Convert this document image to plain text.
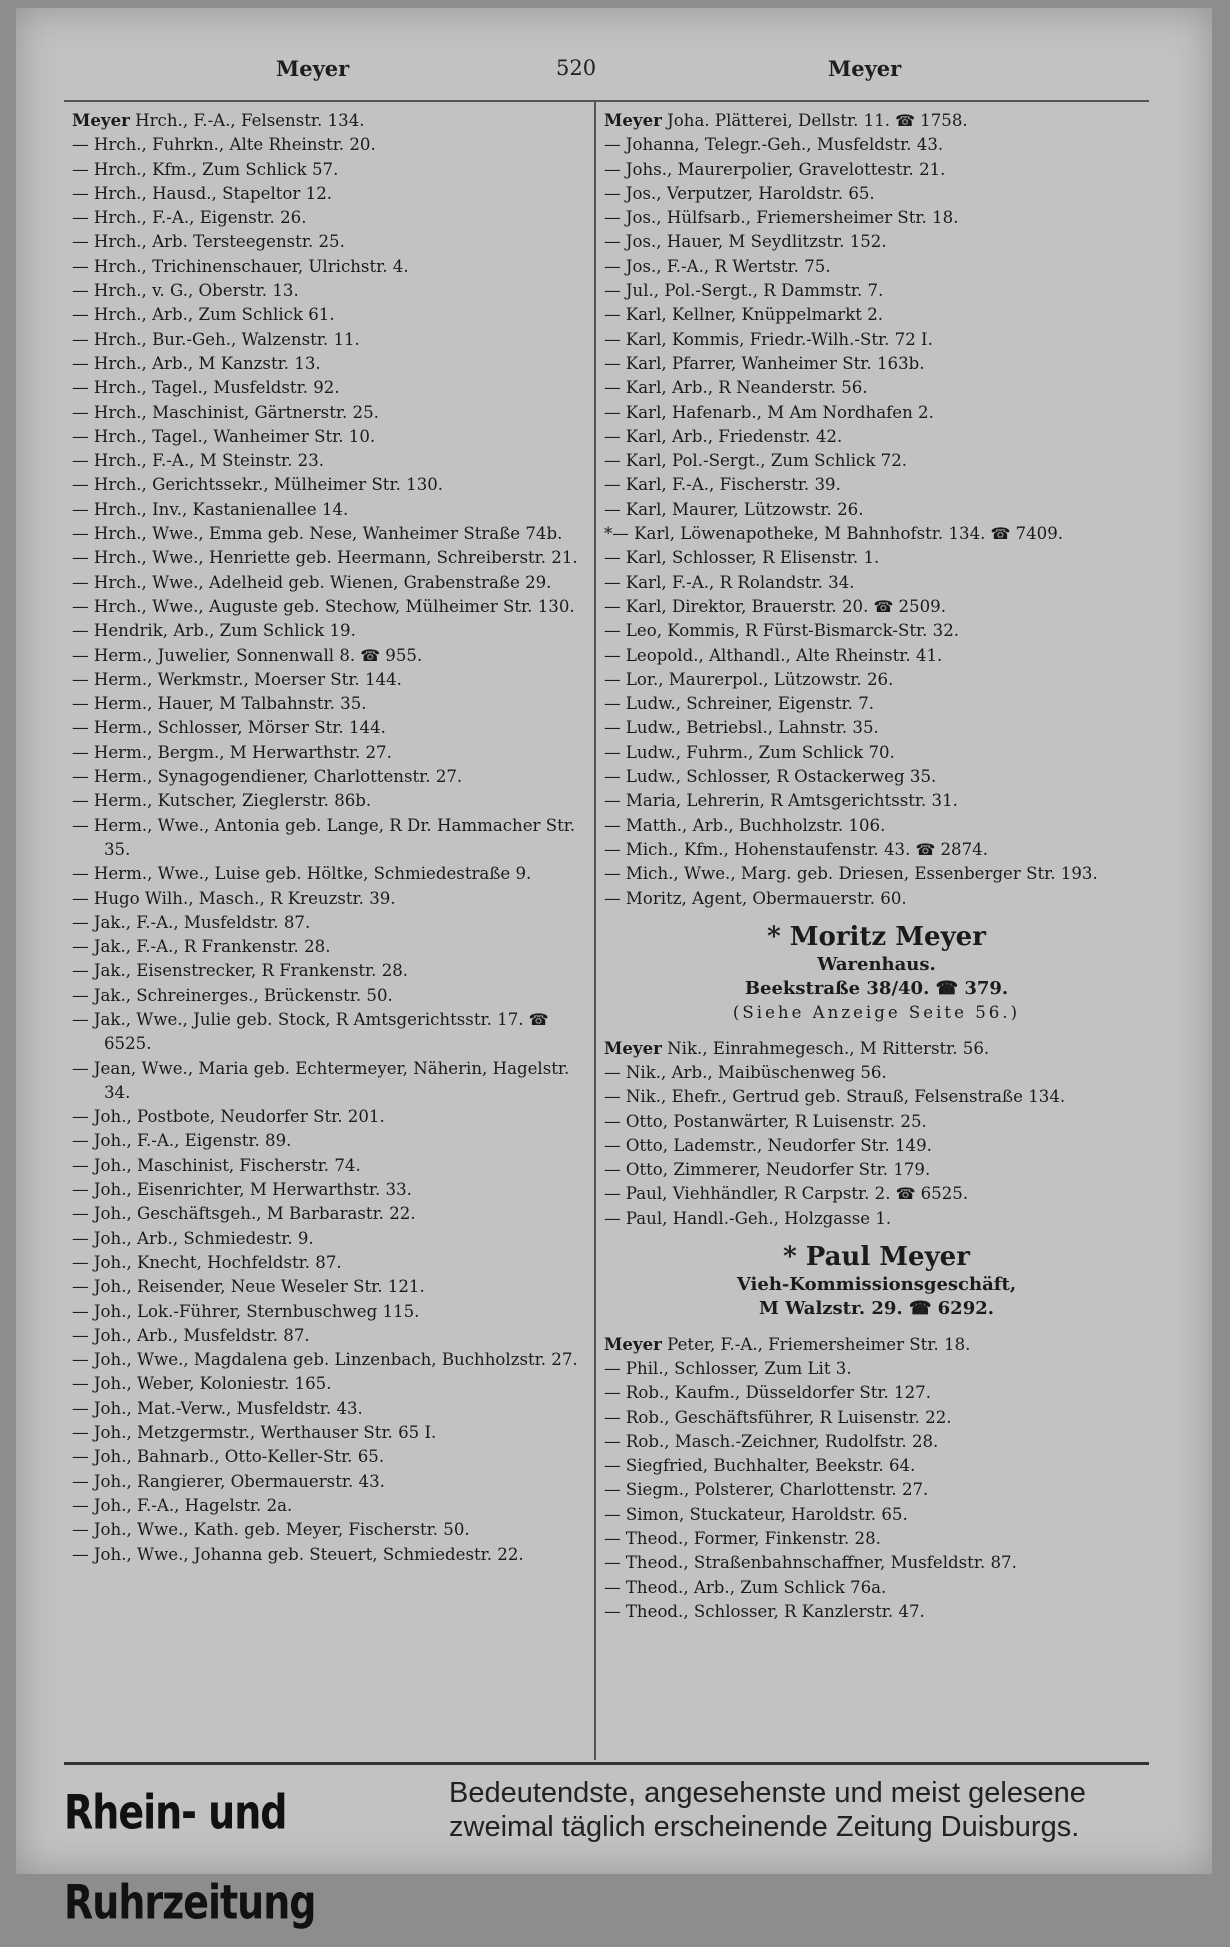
Meyer	520	Meyer
Meyer Hrch., F.-A., Felsenstr. 134.
— Hrch., Fuhrkn., Alte Rheinstr. 20.
— Hrch., Kfm., Zum Schlick 57.
— Hrch., Hausd., Stapeltor 12.
— Hrch., F.-A., Eigenstr. 26.
— Hrch., Arb. Tersteegenstr. 25.
— Hrch., Trichinenschauer, Ulrichstr. 4.
— Hrch., v. G., Oberstr. 13.
— Hrch., Arb., Zum Schlick 61.
— Hrch., Bur.-Geh., Walzenstr. 11.
— Hrch., Arb., M Kanzstr. 13.
— Hrch., Tagel., Musfeldstr. 92.
— Hrch., Maschinist, Gärtnerstr. 25.
— Hrch., Tagel., Wanheimer Str. 10.
— Hrch., F.-A., M Steinstr. 23.
— Hrch., Gerichtssekr., Mülheimer Str. 130.
— Hrch., Inv., Kastanienallee 14.
— Hrch., Wwe., Emma geb. Nese, Wanheimer Straße 74b.
— Hrch., Wwe., Henriette geb. Heermann, Schreiberstr. 21.
— Hrch., Wwe., Adelheid geb. Wienen, Grabenstraße 29.
— Hrch., Wwe., Auguste geb. Stechow, Mülheimer Str. 130.
— Hendrik, Arb., Zum Schlick 19.
— Herm., Juwelier, Sonnenwall 8. ☎ 955.
— Herm., Werkmstr., Moerser Str. 144.
— Herm., Hauer, M Talbahnstr. 35.
— Herm., Schlosser, Mörser Str. 144.
— Herm., Bergm., M Herwarthstr. 27.
— Herm., Synagogendiener, Charlottenstr. 27.
— Herm., Kutscher, Zieglerstr. 86b.
— Herm., Wwe., Antonia geb. Lange, R Dr. Hammacher Str. 35.
— Herm., Wwe., Luise geb. Höltke, Schmiedestraße 9.
— Hugo Wilh., Masch., R Kreuzstr. 39.
— Jak., F.-A., Musfeldstr. 87.
— Jak., F.-A., R Frankenstr. 28.
— Jak., Eisenstrecker, R Frankenstr. 28.
— Jak., Schreinerges., Brückenstr. 50.
— Jak., Wwe., Julie geb. Stock, R Amtsgerichtsstr. 17. ☎ 6525.
— Jean, Wwe., Maria geb. Echtermeyer, Näherin, Hagelstr. 34.
— Joh., Postbote, Neudorfer Str. 201.
— Joh., F.-A., Eigenstr. 89.
— Joh., Maschinist, Fischerstr. 74.
— Joh., Eisenrichter, M Herwarthstr. 33.
— Joh., Geschäftsgeh., M Barbarastr. 22.
— Joh., Arb., Schmiedestr. 9.
— Joh., Knecht, Hochfeldstr. 87.
— Joh., Reisender, Neue Weseler Str. 121.
— Joh., Lok.-Führer, Sternbuschweg 115.
— Joh., Arb., Musfeldstr. 87.
— Joh., Wwe., Magdalena geb. Linzenbach, Buchholzstr. 27.
— Joh., Weber, Koloniestr. 165.
— Joh., Mat.-Verw., Musfeldstr. 43.
— Joh., Metzgermstr., Werthauser Str. 65 I.
— Joh., Bahnarb., Otto-Keller-Str. 65.
— Joh., Rangierer, Obermauerstr. 43.
— Joh., F.-A., Hagelstr. 2a.
— Joh., Wwe., Kath. geb. Meyer, Fischerstr. 50.
— Joh., Wwe., Johanna geb. Steuert, Schmiedestr. 22.
Meyer Joha. Plätterei, Dellstr. 11. ☎ 1758.
— Johanna, Telegr.-Geh., Musfeldstr. 43.
— Johs., Maurerpolier, Gravelottestr. 21.
— Jos., Verputzer, Haroldstr. 65.
— Jos., Hülfsarb., Friemersheimer Str. 18.
— Jos., Hauer, M Seydlitzstr. 152.
— Jos., F.-A., R Wertstr. 75.
— Jul., Pol.-Sergt., R Dammstr. 7.
— Karl, Kellner, Knüppelmarkt 2.
— Karl, Kommis, Friedr.-Wilh.-Str. 72 I.
— Karl, Pfarrer, Wanheimer Str. 163b.
— Karl, Arb., R Neanderstr. 56.
— Karl, Hafenarb., M Am Nordhafen 2.
— Karl, Arb., Friedenstr. 42.
— Karl, Pol.-Sergt., Zum Schlick 72.
— Karl, F.-A., Fischerstr. 39.
— Karl, Maurer, Lützowstr. 26.
*— Karl, Löwenapotheke, M Bahnhofstr. 134. ☎ 7409.
— Karl, Schlosser, R Elisenstr. 1.
— Karl, F.-A., R Rolandstr. 34.
— Karl, Direktor, Brauerstr. 20. ☎ 2509.
— Leo, Kommis, R Fürst-Bismarck-Str. 32.
— Leopold., Althandl., Alte Rheinstr. 41.
— Lor., Maurerpol., Lützowstr. 26.
— Ludw., Schreiner, Eigenstr. 7.
— Ludw., Betriebsl., Lahnstr. 35.
— Ludw., Fuhrm., Zum Schlick 70.
— Ludw., Schlosser, R Ostackerweg 35.
— Maria, Lehrerin, R Amtsgerichtsstr. 31.
— Matth., Arb., Buchholzstr. 106.
— Mich., Kfm., Hohenstaufenstr. 43. ☎ 2874.
— Mich., Wwe., Marg. geb. Driesen, Essenberger Str. 193.
— Moritz, Agent, Obermauerstr. 60.
* Moritz Meyer
Warenhaus.
Beekstraße 38/40. ☎ 379.
(Siehe Anzeige Seite 56.)
Meyer Nik., Einrahmegesch., M Ritterstr. 56.
— Nik., Arb., Maibüschenweg 56.
— Nik., Ehefr., Gertrud geb. Strauß, Felsenstraße 134.
— Otto, Postanwärter, R Luisenstr. 25.
— Otto, Lademstr., Neudorfer Str. 149.
— Otto, Zimmerer, Neudorfer Str. 179.
— Paul, Viehhändler, R Carpstr. 2. ☎ 6525.
— Paul, Handl.-Geh., Holzgasse 1.
* Paul Meyer
Vieh-Kommissionsgeschäft,
M Walzstr. 29. ☎ 6292.
Meyer Peter, F.-A., Friemersheimer Str. 18.
— Phil., Schlosser, Zum Lit 3.
— Rob., Kaufm., Düsseldorfer Str. 127.
— Rob., Geschäftsführer, R Luisenstr. 22.
— Rob., Masch.-Zeichner, Rudolfstr. 28.
— Siegfried, Buchhalter, Beekstr. 64.
— Siegm., Polsterer, Charlottenstr. 27.
— Simon, Stuckateur, Haroldstr. 65.
— Theod., Former, Finkenstr. 28.
— Theod., Straßenbahnschaffner, Musfeldstr. 87.
— Theod., Arb., Zum Schlick 76a.
— Theod., Schlosser, R Kanzlerstr. 47.
Rhein- und Ruhrzeitung
Bedeutendste, angesehenste und meist gelesene
zweimal täglich erscheinende Zeitung Duisburgs.
